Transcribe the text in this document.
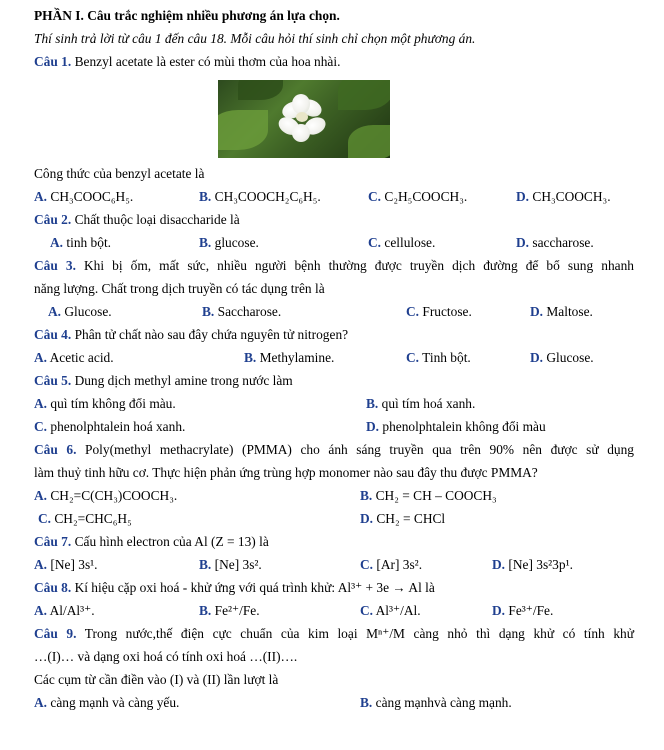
PHẦN I. Câu trắc nghiệm nhiều phương án lựa chọn.
Thí sinh trả lời từ câu 1 đến câu 18. Mỗi câu hỏi thí sinh chỉ chọn một phương án.
Câu 1. Benzyl acetate là ester có mùi thơm của hoa nhài.
Công thức của benzyl acetate là
A. CH₃COOC₆H₅.	B. CH₃COOCH₂C₆H₅.	C. C₂H₅COOCH₃.	D. CH₃COOCH₃.
Câu 2. Chất thuộc loại disaccharide là
A. tinh bột.	B. glucose.	C. cellulose.	D. saccharose.
Câu 3. Khi bị ốm, mất sức, nhiều người bệnh thường được truyền dịch đường để bổ sung nhanh
năng lượng. Chất trong dịch truyền có tác dụng trên là
A. Glucose.	B. Saccharose.	C. Fructose.	D. Maltose.
Câu 4. Phân tử chất nào sau đây chứa nguyên tử nitrogen?
A. Acetic acid.	B. Methylamine.	C. Tinh bột.	D. Glucose.
Câu 5. Dung dịch methyl amine trong nước làm
A. quì tím không đổi màu.	B. quì tím hoá xanh.
C. phenolphtalein hoá xanh.	D. phenolphtalein không đổi màu
Câu 6. Poly(methyl methacrylate) (PMMA) cho ánh sáng truyền qua trên 90% nên được sử dụng
làm thuỷ tinh hữu cơ. Thực hiện phản ứng trùng hợp monomer nào sau đây thu được PMMA?
A. CH₂=C(CH₃)COOCH₃.	B. CH₂ = CH – COOCH₃
C. CH₂=CHC₆H₅	D. CH₂ = CHCl
Câu 7. Cấu hình electron của Al (Z = 13) là
A. [Ne] 3s¹.	B. [Ne] 3s².	C. [Ar] 3s².	D. [Ne] 3s²3p¹.
Câu 8. Kí hiệu cặp oxi hoá - khử ứng với quá trình khử: Al³⁺ + 3e → Al là
A. Al/Al³⁺.	B. Fe²⁺/Fe.	C. Al³⁺/Al.	D. Fe³⁺/Fe.
Câu 9. Trong nước,thế điện cực chuẩn của kim loại Mⁿ⁺/M càng nhỏ thì dạng khử có tính khử
…(I)… và dạng oxi hoá có tính oxi hoá …(II)….
Các cụm từ cần điền vào (I) và (II) lần lượt là
A. càng mạnh và càng yếu.	B. càng mạnhvà càng mạnh.
